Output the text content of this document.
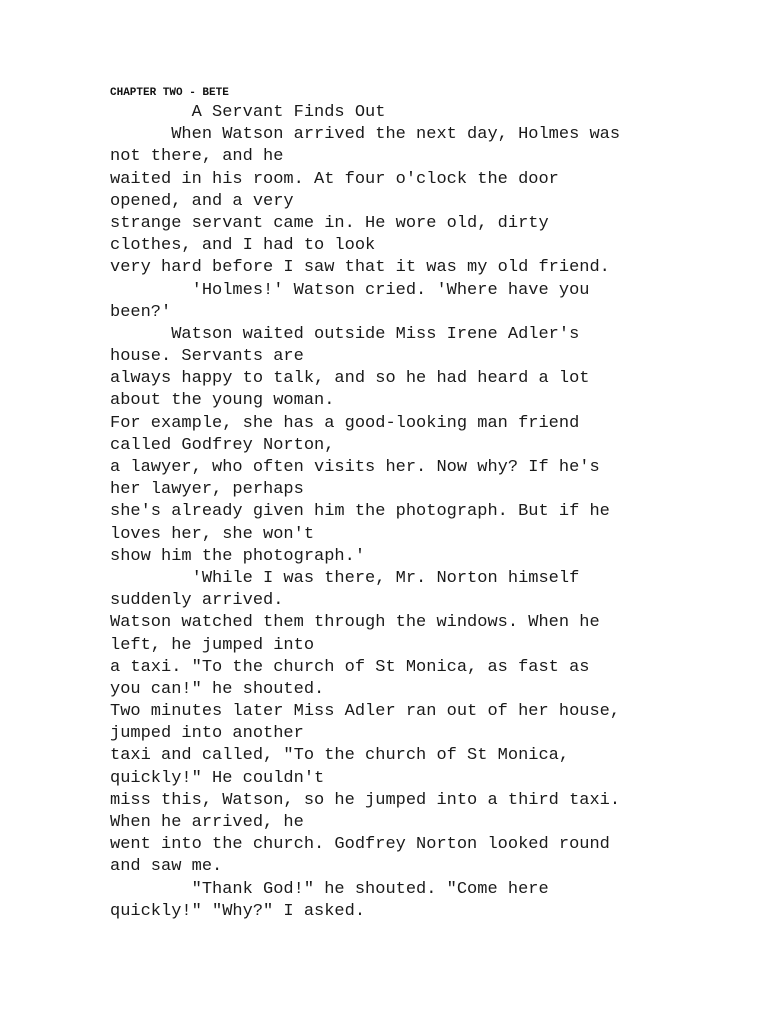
CHAPTER TWO - BETE
A Servant Finds Out
When Watson arrived the next day, Holmes was
not there, and he
waited in his room. At four o'clock the door
opened, and a very
strange servant came in. He wore old, dirty
clothes, and I had to look
very hard before I saw that it was my old friend.
'Holmes!' Watson cried. 'Where have you
been?'
Watson waited outside Miss Irene Adler's
house. Servants are
always happy to talk, and so he had heard a lot
about the young woman.
For example, she has a good-looking man friend
called Godfrey Norton,
a lawyer, who often visits her. Now why? If he's
her lawyer, perhaps
she's already given him the photograph. But if he
loves her, she won't
show him the photograph.'
'While I was there, Mr. Norton himself
suddenly arrived.
Watson watched them through the windows. When he
left, he jumped into
a taxi. "To the church of St Monica, as fast as
you can!" he shouted.
Two minutes later Miss Adler ran out of her house,
jumped into another
taxi and called, "To the church of St Monica,
quickly!" He couldn't
miss this, Watson, so he jumped into a third taxi.
When he arrived, he
went into the church. Godfrey Norton looked round
and saw me.
"Thank God!" he shouted. "Come here
quickly!" "Why?" I asked.
